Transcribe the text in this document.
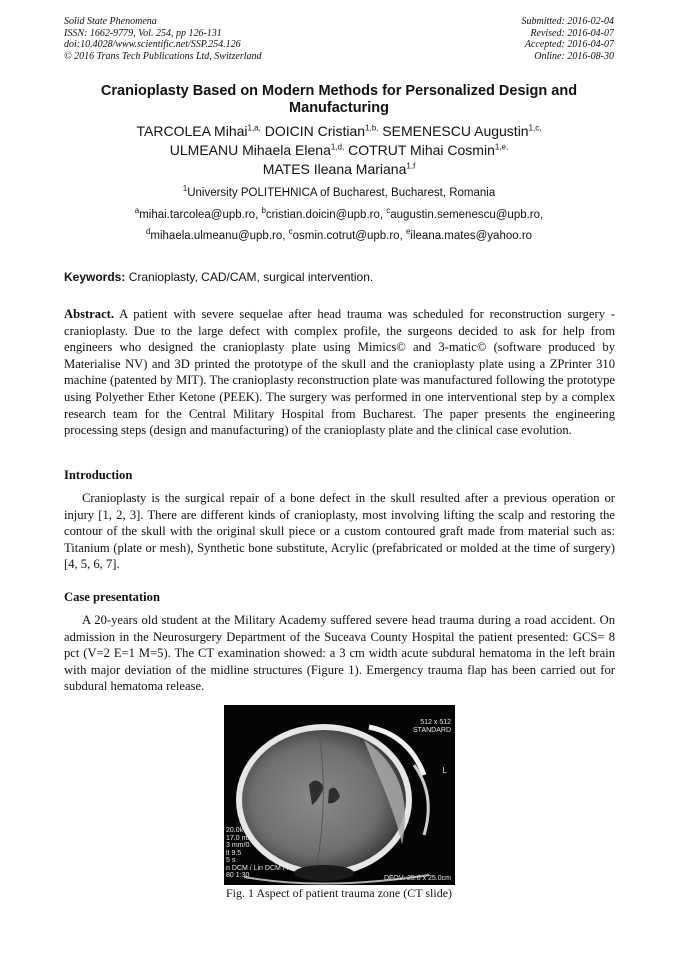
Solid State Phenomena
ISSN: 1662-9779, Vol. 254, pp 126-131
doi:10.4028/www.scientific.net/SSP.254.126
© 2016 Trans Tech Publications Ltd, Switzerland
Submitted: 2016-02-04
Revised: 2016-04-07
Accepted: 2016-04-07
Online: 2016-08-30
Cranioplasty Based on Modern Methods for Personalized Design and Manufacturing
TARCOLEA Mihai$^{1,a,}$ DOICIN Cristian$^{1,b,}$ SEMENESCU Augustin$^{1,c,}$
ULMEANU Mihaela Elena$^{1,d,}$ COTRUT Mihai Cosmin$^{1,e,}$
MATES Ileana Mariana$^{1,f}$
$^1$University POLITEHNICA of Bucharest, Bucharest, Romania
$^a$mihai.tarcolea@upb.ro, $^b$cristian.doicin@upb.ro, $^c$augustin.semenescu@upb.ro,
$^d$mihaela.ulmeanu@upb.ro, $^c$osmin.cotrut@upb.ro, $^e$ileana.mates@yahoo.ro
Keywords: Cranioplasty, CAD/CAM, surgical intervention.
Abstract. A patient with severe sequelae after head trauma was scheduled for reconstruction surgery - cranioplasty. Due to the large defect with complex profile, the surgeons decided to ask for help from engineers who designed the cranioplasty plate using Mimics© and 3-matic© (software produced by Materialise NV) and 3D printed the prototype of the skull and the cranioplasty plate using a ZPrinter 310 machine (patented by MIT). The cranioplasty reconstruction plate was manufactured following the prototype using Polyether Ether Ketone (PEEK). The surgery was performed in one interventional step by a complex research team for the Central Military Hospital from Bucharest. The paper presents the engineering processing steps (design and manufacturing) of the cranioplasty plate and the clinical case evolution.
Introduction
Cranioplasty is the surgical repair of a bone defect in the skull resulted after a previous operation or injury [1, 2, 3]. There are different kinds of cranioplasty, most involving lifting the scalp and restoring the contour of the skull with the original skull piece or a custom contoured graft made from material such as: Titanium (plate or mesh), Synthetic bone substitute, Acrylic (prefabricated or molded at the time of surgery) [4, 5, 6, 7].
Case presentation
A 20-years old student at the Military Academy suffered severe head trauma during a road accident. On admission in the Neurosurgery Department of the Suceava County Hospital the patient presented: GCS= 8 pct (V=2 E=1 M=5). The CT examination showed: a 3 cm width acute subdural hematoma in the left brain with major deviation of the midline structures (Figure 1). Emergency trauma flap has been carried out for subdural hematoma release.
512 x 512
STANDARD
L
20.0kV
17.0 mA
3 mm/0.
lt 9.5
5 s
n DCM / Lin DCM / Id
80 1:30	DFOV: 25.0 x 25.0cm
Fig. 1 Aspect of patient trauma zone (CT slide)
